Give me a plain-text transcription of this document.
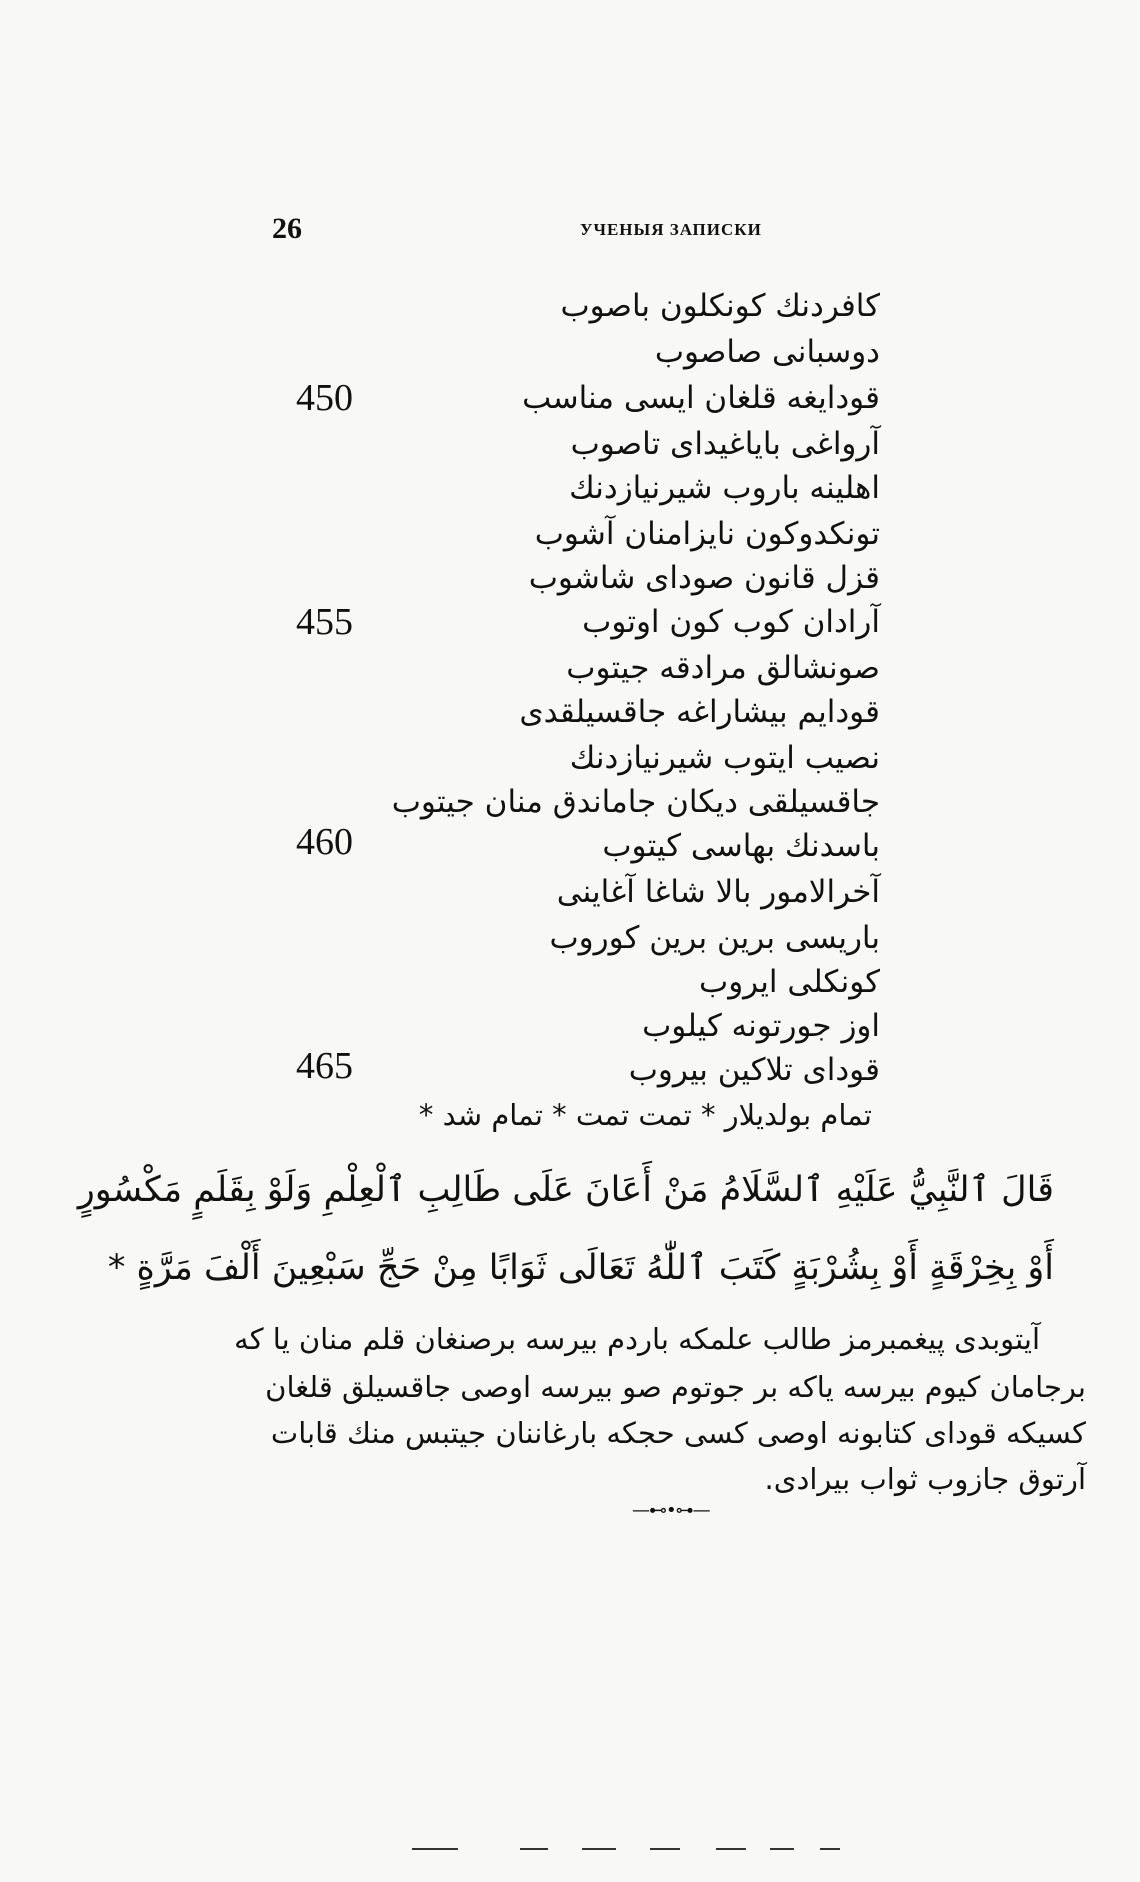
26	УЧЕНЫЯ ЗАПИСКИ
كافردنك كونكلون باصوب
دوسبانی صاصوب
قودايغه قلغان ايسی مناسب
آرواغی باياغیدای تاصوب
اهلينه باروب شيرنيازدنك
تونكدوكون نايزامنان آشوب
قزل قانون صودای شاشوب
آرادان كوب كون اوتوب
صونشالق مرادقه جيتوب
قودايم بيشاراغه جاقسيلقدی
نصيب ايتوب شيرنيازدنك
جاقسيلقی ديكان جاماندق منان جيتوب
باسدنك بهاسی كيتوب
آخرالامور بالا شاغا آغاينی
باريسی برين برين كوروب
كونكلی ايروب
اوز جورتونه كيلوب
قودای تلاكين بيروب
450
455
460
465
تمام بولدیلار * تمت تمت * تمام شد *
قَالَ ٱلنَّبِيُّ عَلَيْهِ ٱلسَّلَامُ مَنْ أَعَانَ عَلَى طَالِبِ ٱلْعِلْمِ وَلَوْ بِقَلَمٍ مَكْسُورٍ
أَوْ بِخِرْقَةٍ أَوْ بِشُرْبَةٍ كَتَبَ ٱللّٰهُ تَعَالَى ثَوَابًا مِنْ حَجِّ سَبْعِينَ أَلْفَ مَرَّةٍ *
آيتوبدی پيغمبرمز طالب علمكه باردم بيرسه برصنغان قلم منان يا كه
برجامان كيوم بيرسه ياكه بر جوتوم صو بيرسه اوصی جاقسيلق قلغان
كسیكه قودای كتابونه اوصی كسی حجكه بارغاننان جيتبس منك قابات
آرتوق جازوب ثواب بيرادی.
—⊷•⊶—
